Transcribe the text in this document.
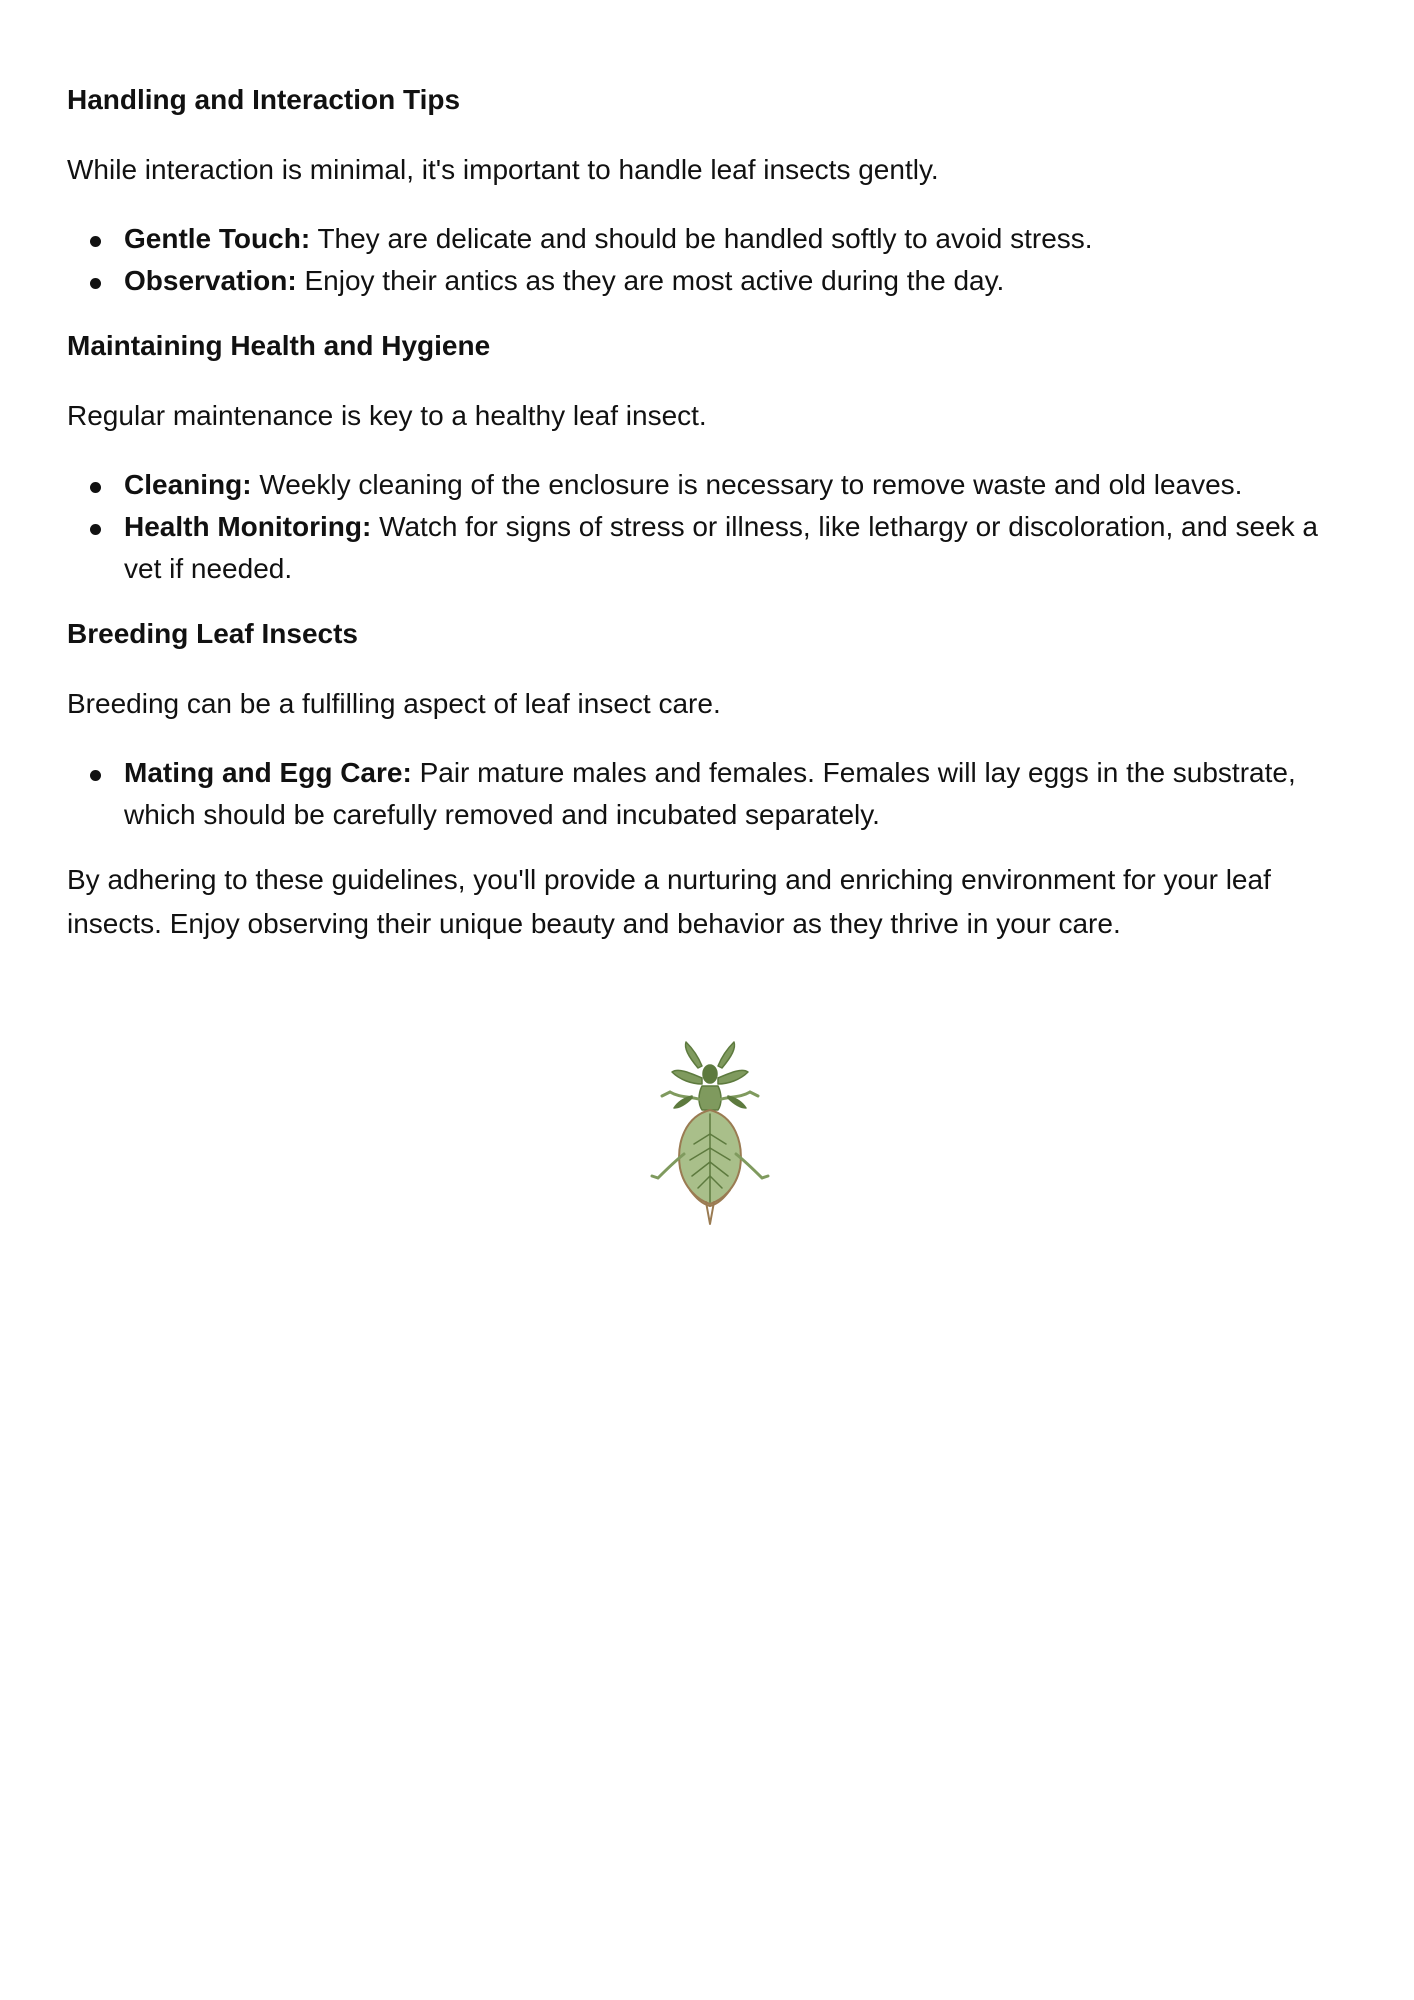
Handling and Interaction Tips

While interaction is minimal, it's important to handle leaf insects gently.

Gentle Touch: They are delicate and should be handled softly to avoid stress.
Observation: Enjoy their antics as they are most active during the day.
Maintaining Health and Hygiene

Regular maintenance is key to a healthy leaf insect.

Cleaning: Weekly cleaning of the enclosure is necessary to remove waste and old leaves.
Health Monitoring: Watch for signs of stress or illness, like lethargy or discoloration, and seek a vet if needed.
Breeding Leaf Insects

Breeding can be a fulfilling aspect of leaf insect care.

Mating and Egg Care: Pair mature males and females. Females will lay eggs in the substrate, which should be carefully removed and incubated separately.

By adhering to these guidelines, you'll provide a nurturing and enriching environment for your leaf insects. Enjoy observing their unique beauty and behavior as they thrive in your care.
